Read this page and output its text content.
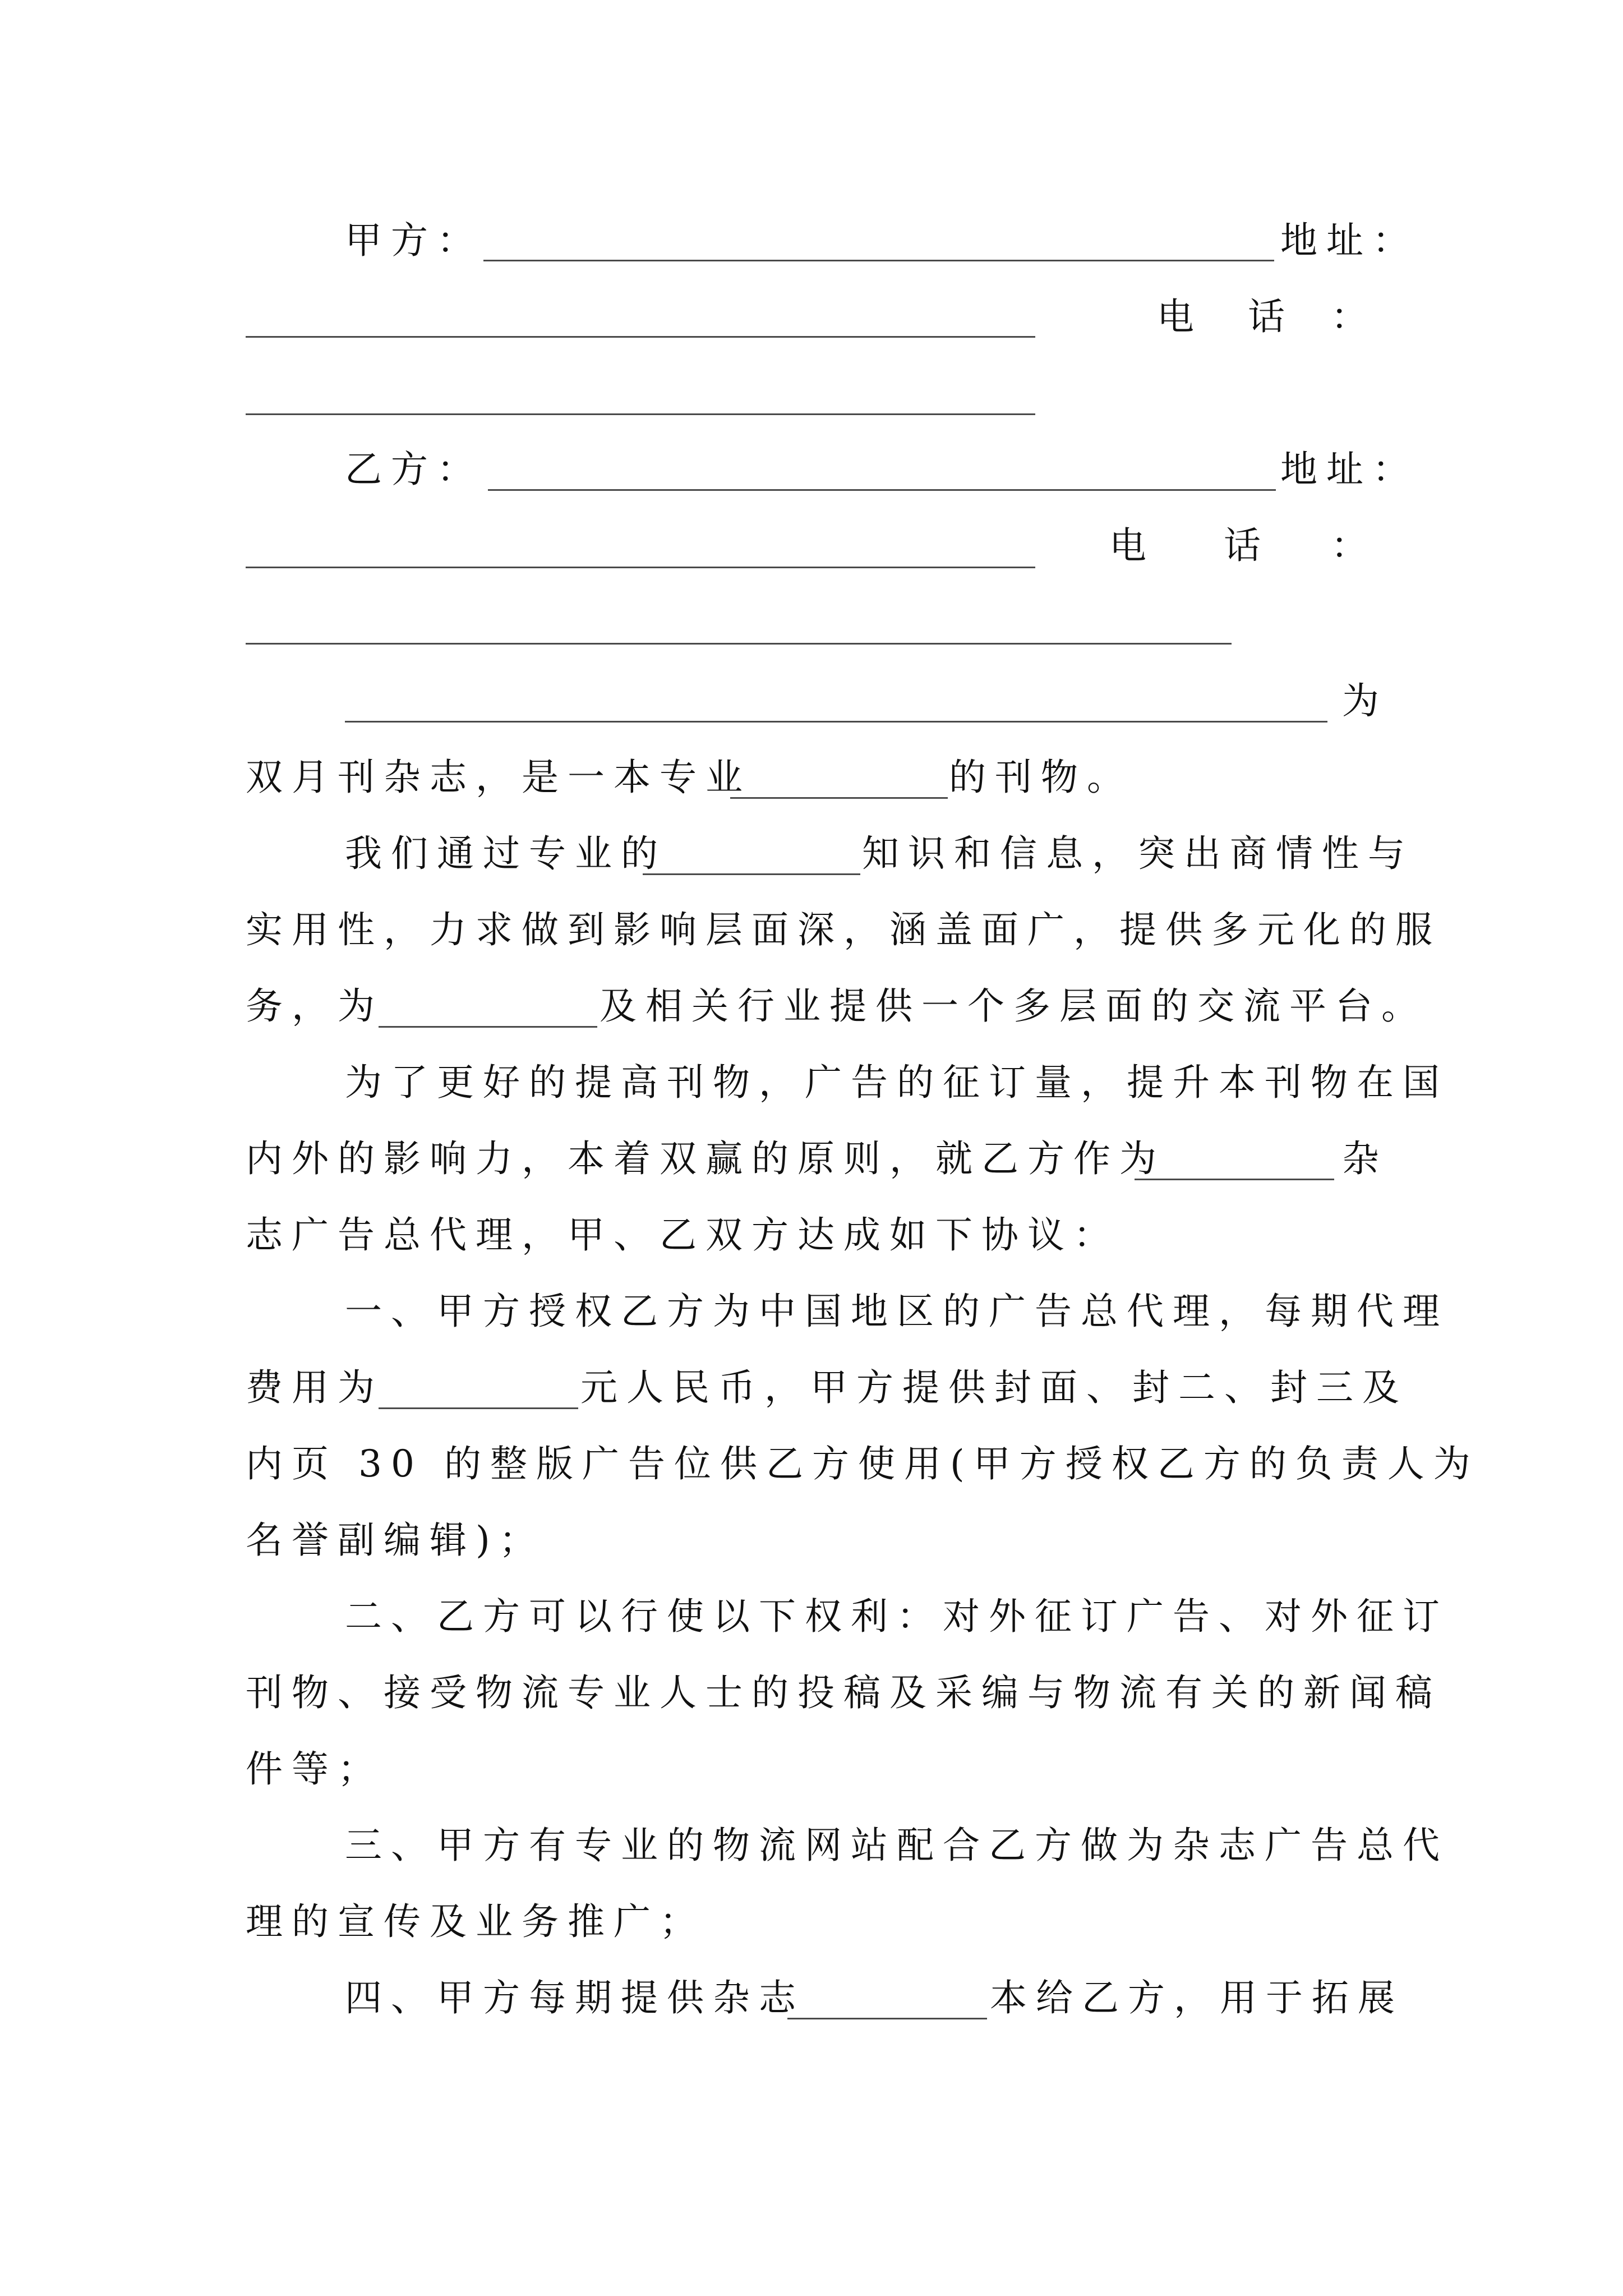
甲方：	地址：
电 话 ：
乙方：	地址：
电 话 ：
为
双月刊杂志，是一本专业	的刊物。
我们通过专业的	知识和信息，突出商情性与
实用性，力求做到影响层面深，涵盖面广，提供多元化的服
务，为	及相关行业提供一个多层面的交流平台。
为了更好的提高刊物，广告的征订量，提升本刊物在国
内外的影响力，本着双赢的原则，就乙方作为	杂
志广告总代理，甲、乙双方达成如下协议：
一、甲方授权乙方为中国地区的广告总代理，每期代理
费用为	元人民币，甲方提供封面、封二、封三及
内页 30 的整版广告位供乙方使用(甲方授权乙方的负责人为
名誉副编辑)；
二、乙方可以行使以下权利：对外征订广告、对外征订
刊物、接受物流专业人士的投稿及采编与物流有关的新闻稿
件等；
三、甲方有专业的物流网站配合乙方做为杂志广告总代
理的宣传及业务推广；
四、甲方每期提供杂志	本给乙方，用于拓展
